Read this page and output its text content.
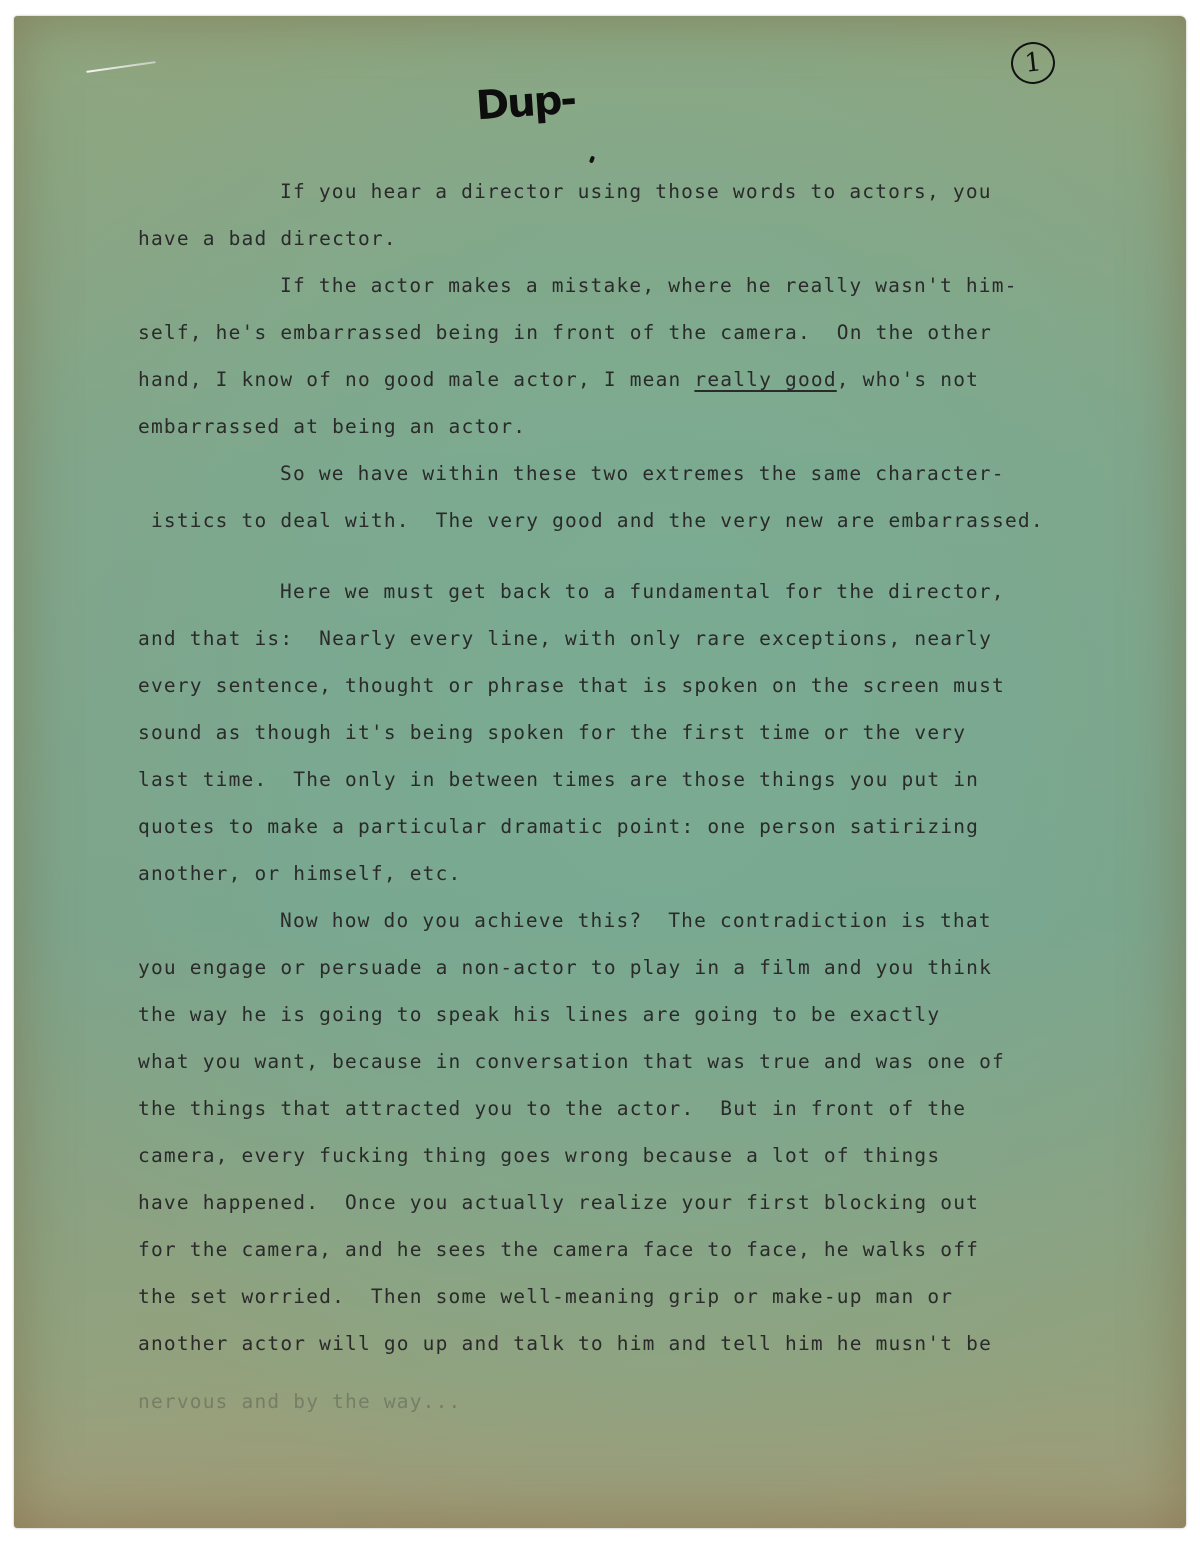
1
Dup-
If you hear a director using those words to actors, you
have a bad director.
If the actor makes a mistake, where he really wasn't him-
self, he's embarrassed being in front of the camera.  On the other
hand, I know of no good male actor, I mean really good, who's not
embarrassed at being an actor.
So we have within these two extremes the same character-
istics to deal with.  The very good and the very new are embarrassed.
Here we must get back to a fundamental for the director,
and that is:  Nearly every line, with only rare exceptions, nearly
every sentence, thought or phrase that is spoken on the screen must
sound as though it's being spoken for the first time or the very
last time.  The only in between times are those things you put in
quotes to make a particular dramatic point: one person satirizing
another, or himself, etc.
Now how do you achieve this?  The contradiction is that
you engage or persuade a non-actor to play in a film and you think
the way he is going to speak his lines are going to be exactly
what you want, because in conversation that was true and was one of
the things that attracted you to the actor.  But in front of the
camera, every fucking thing goes wrong because a lot of things
have happened.  Once you actually realize your first blocking out
for the camera, and he sees the camera face to face, he walks off
the set worried.  Then some well-meaning grip or make-up man or
another actor will go up and talk to him and tell him he musn't be
nervous and by the way...
